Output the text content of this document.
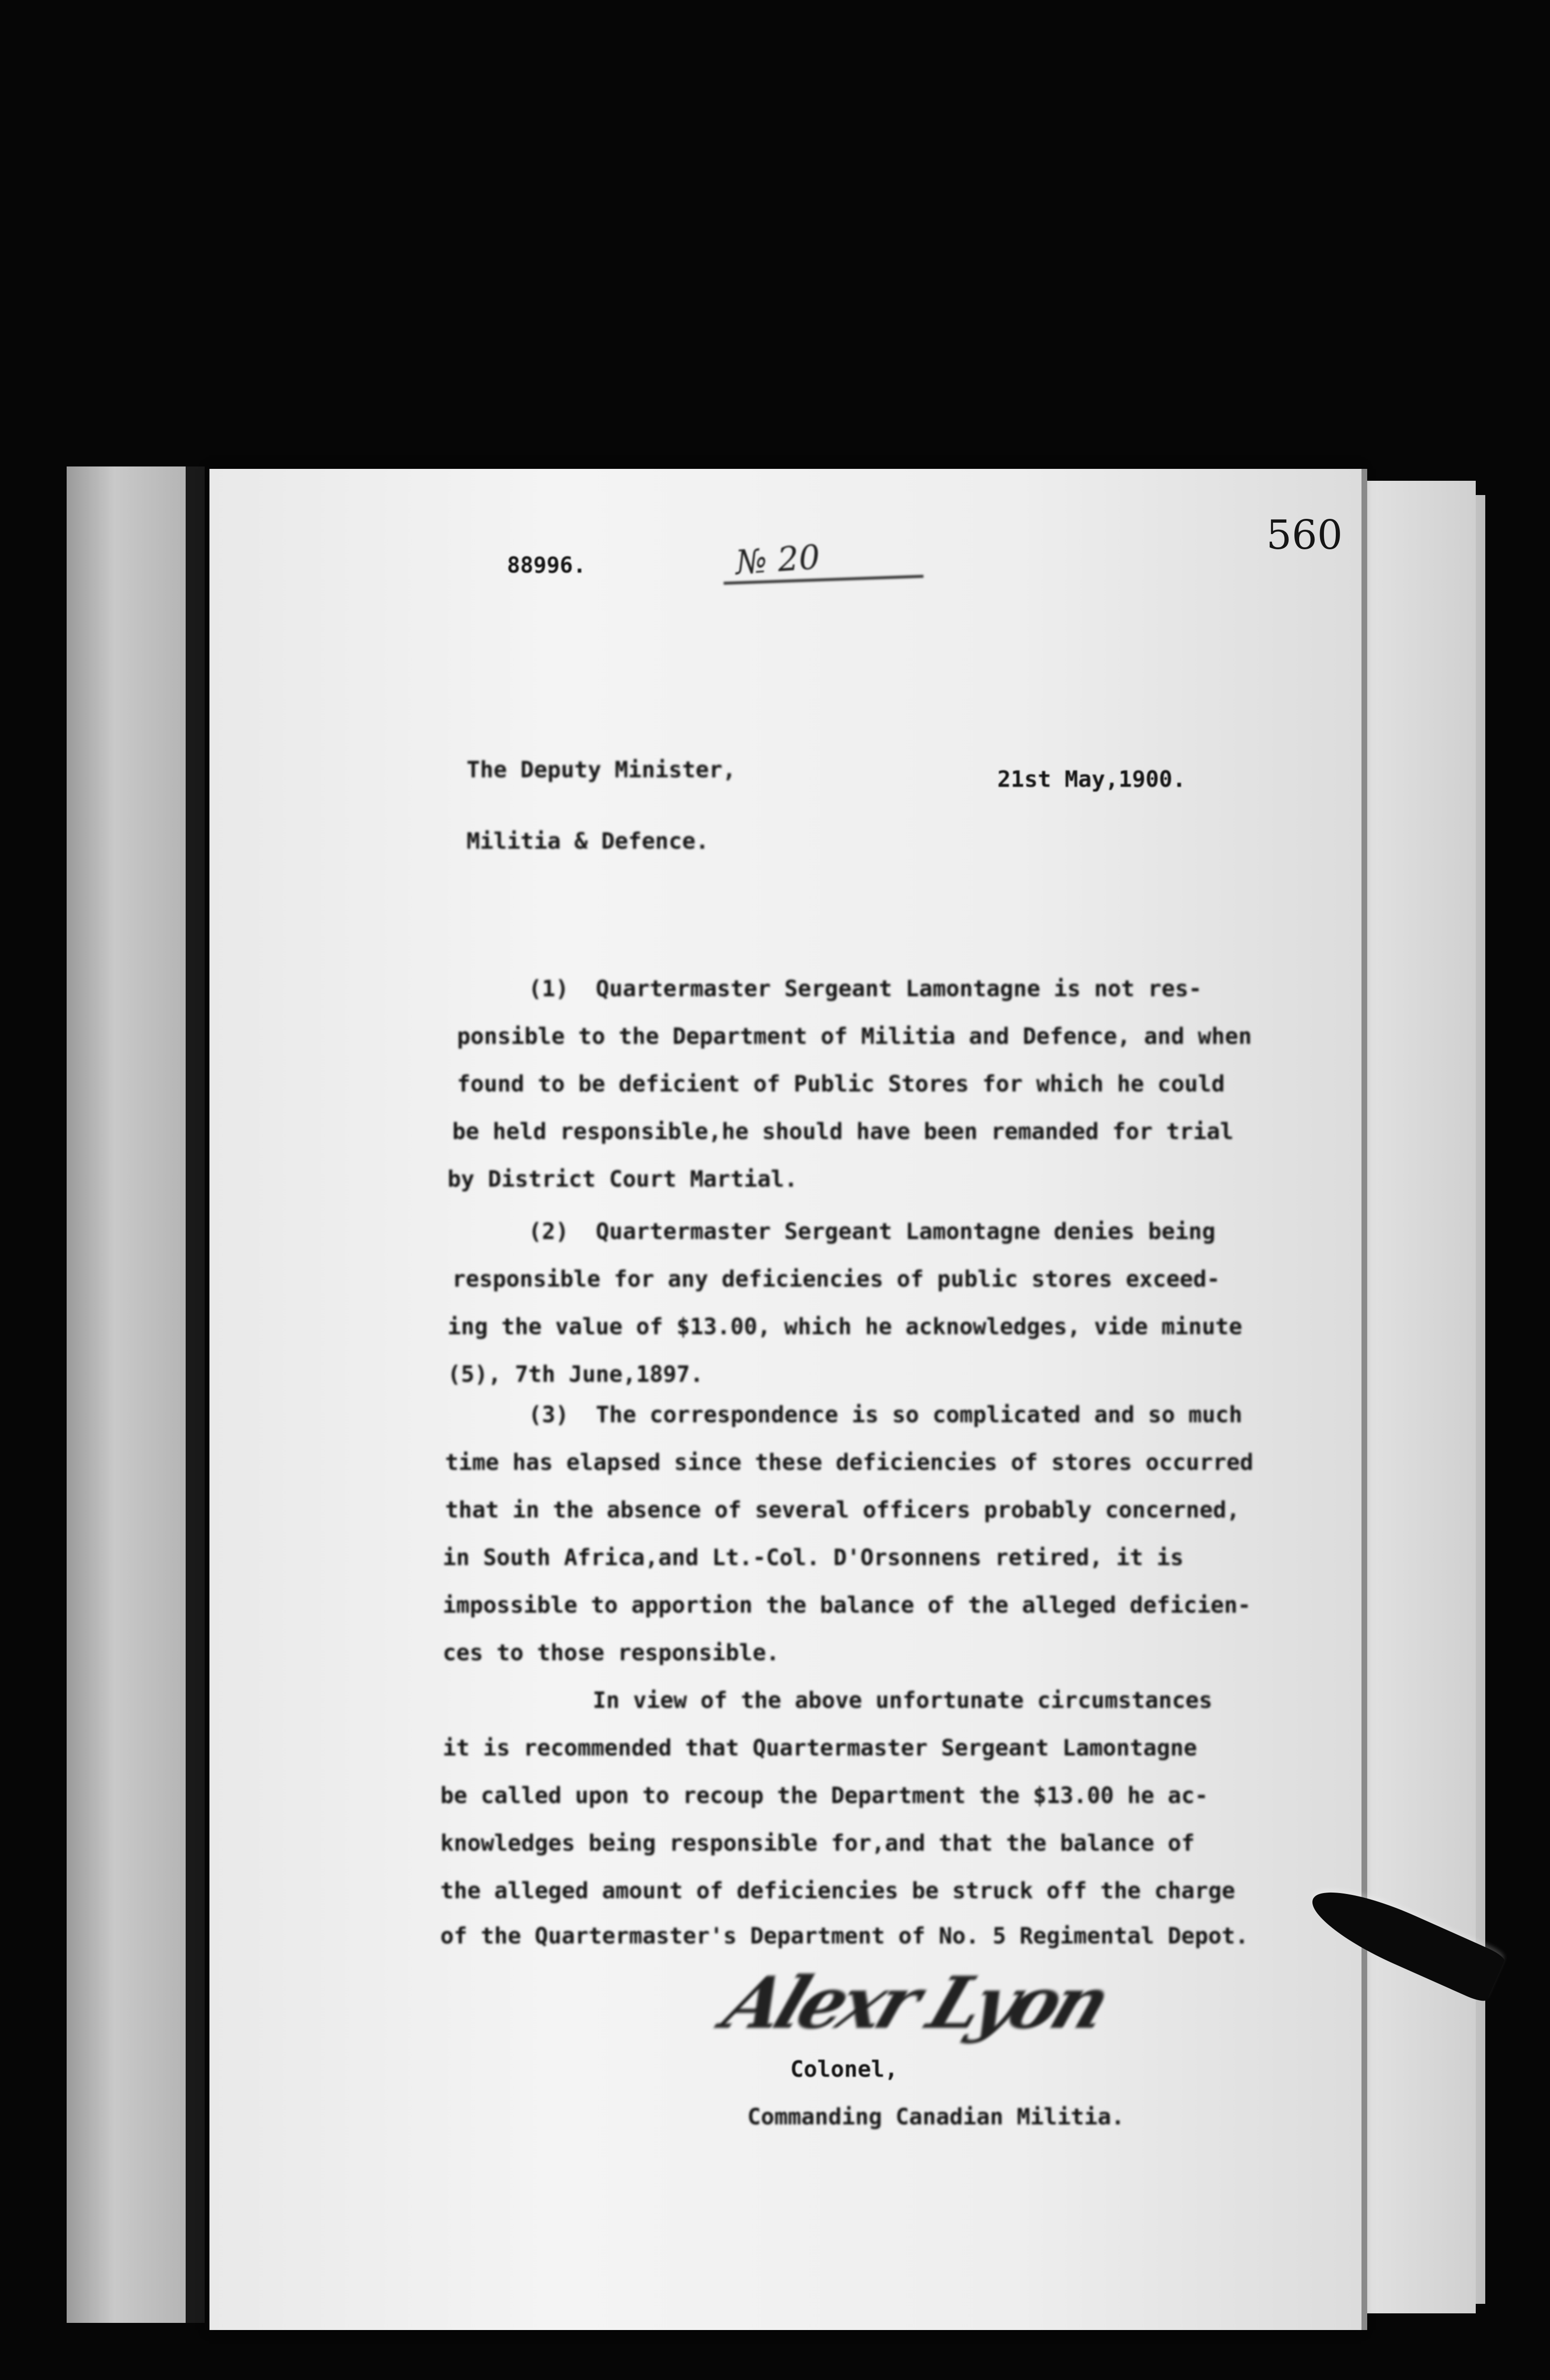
560
88996.	№ 20
The Deputy Minister,
Militia & Defence.
21st May,1900.
(1)  Quartermaster Sergeant Lamontagne is not res-
ponsible to the Department of Militia and Defence, and when
found to be deficient of Public Stores for which he could
be held responsible,he should have been remanded for trial
by District Court Martial.
(2)  Quartermaster Sergeant Lamontagne denies being
responsible for any deficiencies of public stores exceed-
ing the value of $13.00, which he acknowledges, vide minute
(5), 7th June,1897.
(3)  The correspondence is so complicated and so much
time has elapsed since these deficiencies of stores occurred
that in the absence of several officers probably concerned,
in South Africa,and Lt.-Col. D'Orsonnens retired, it is
impossible to apportion the balance of the alleged deficien-
ces to those responsible.
In view of the above unfortunate circumstances
it is recommended that Quartermaster Sergeant Lamontagne
be called upon to recoup the Department the $13.00 he ac-
knowledges being responsible for,and that the balance of
the alleged amount of deficiencies be struck off the charge
of the Quartermaster's Department of No. 5 Regimental Depot.
Alexr Lyon
Colonel,
Commanding Canadian Militia.
